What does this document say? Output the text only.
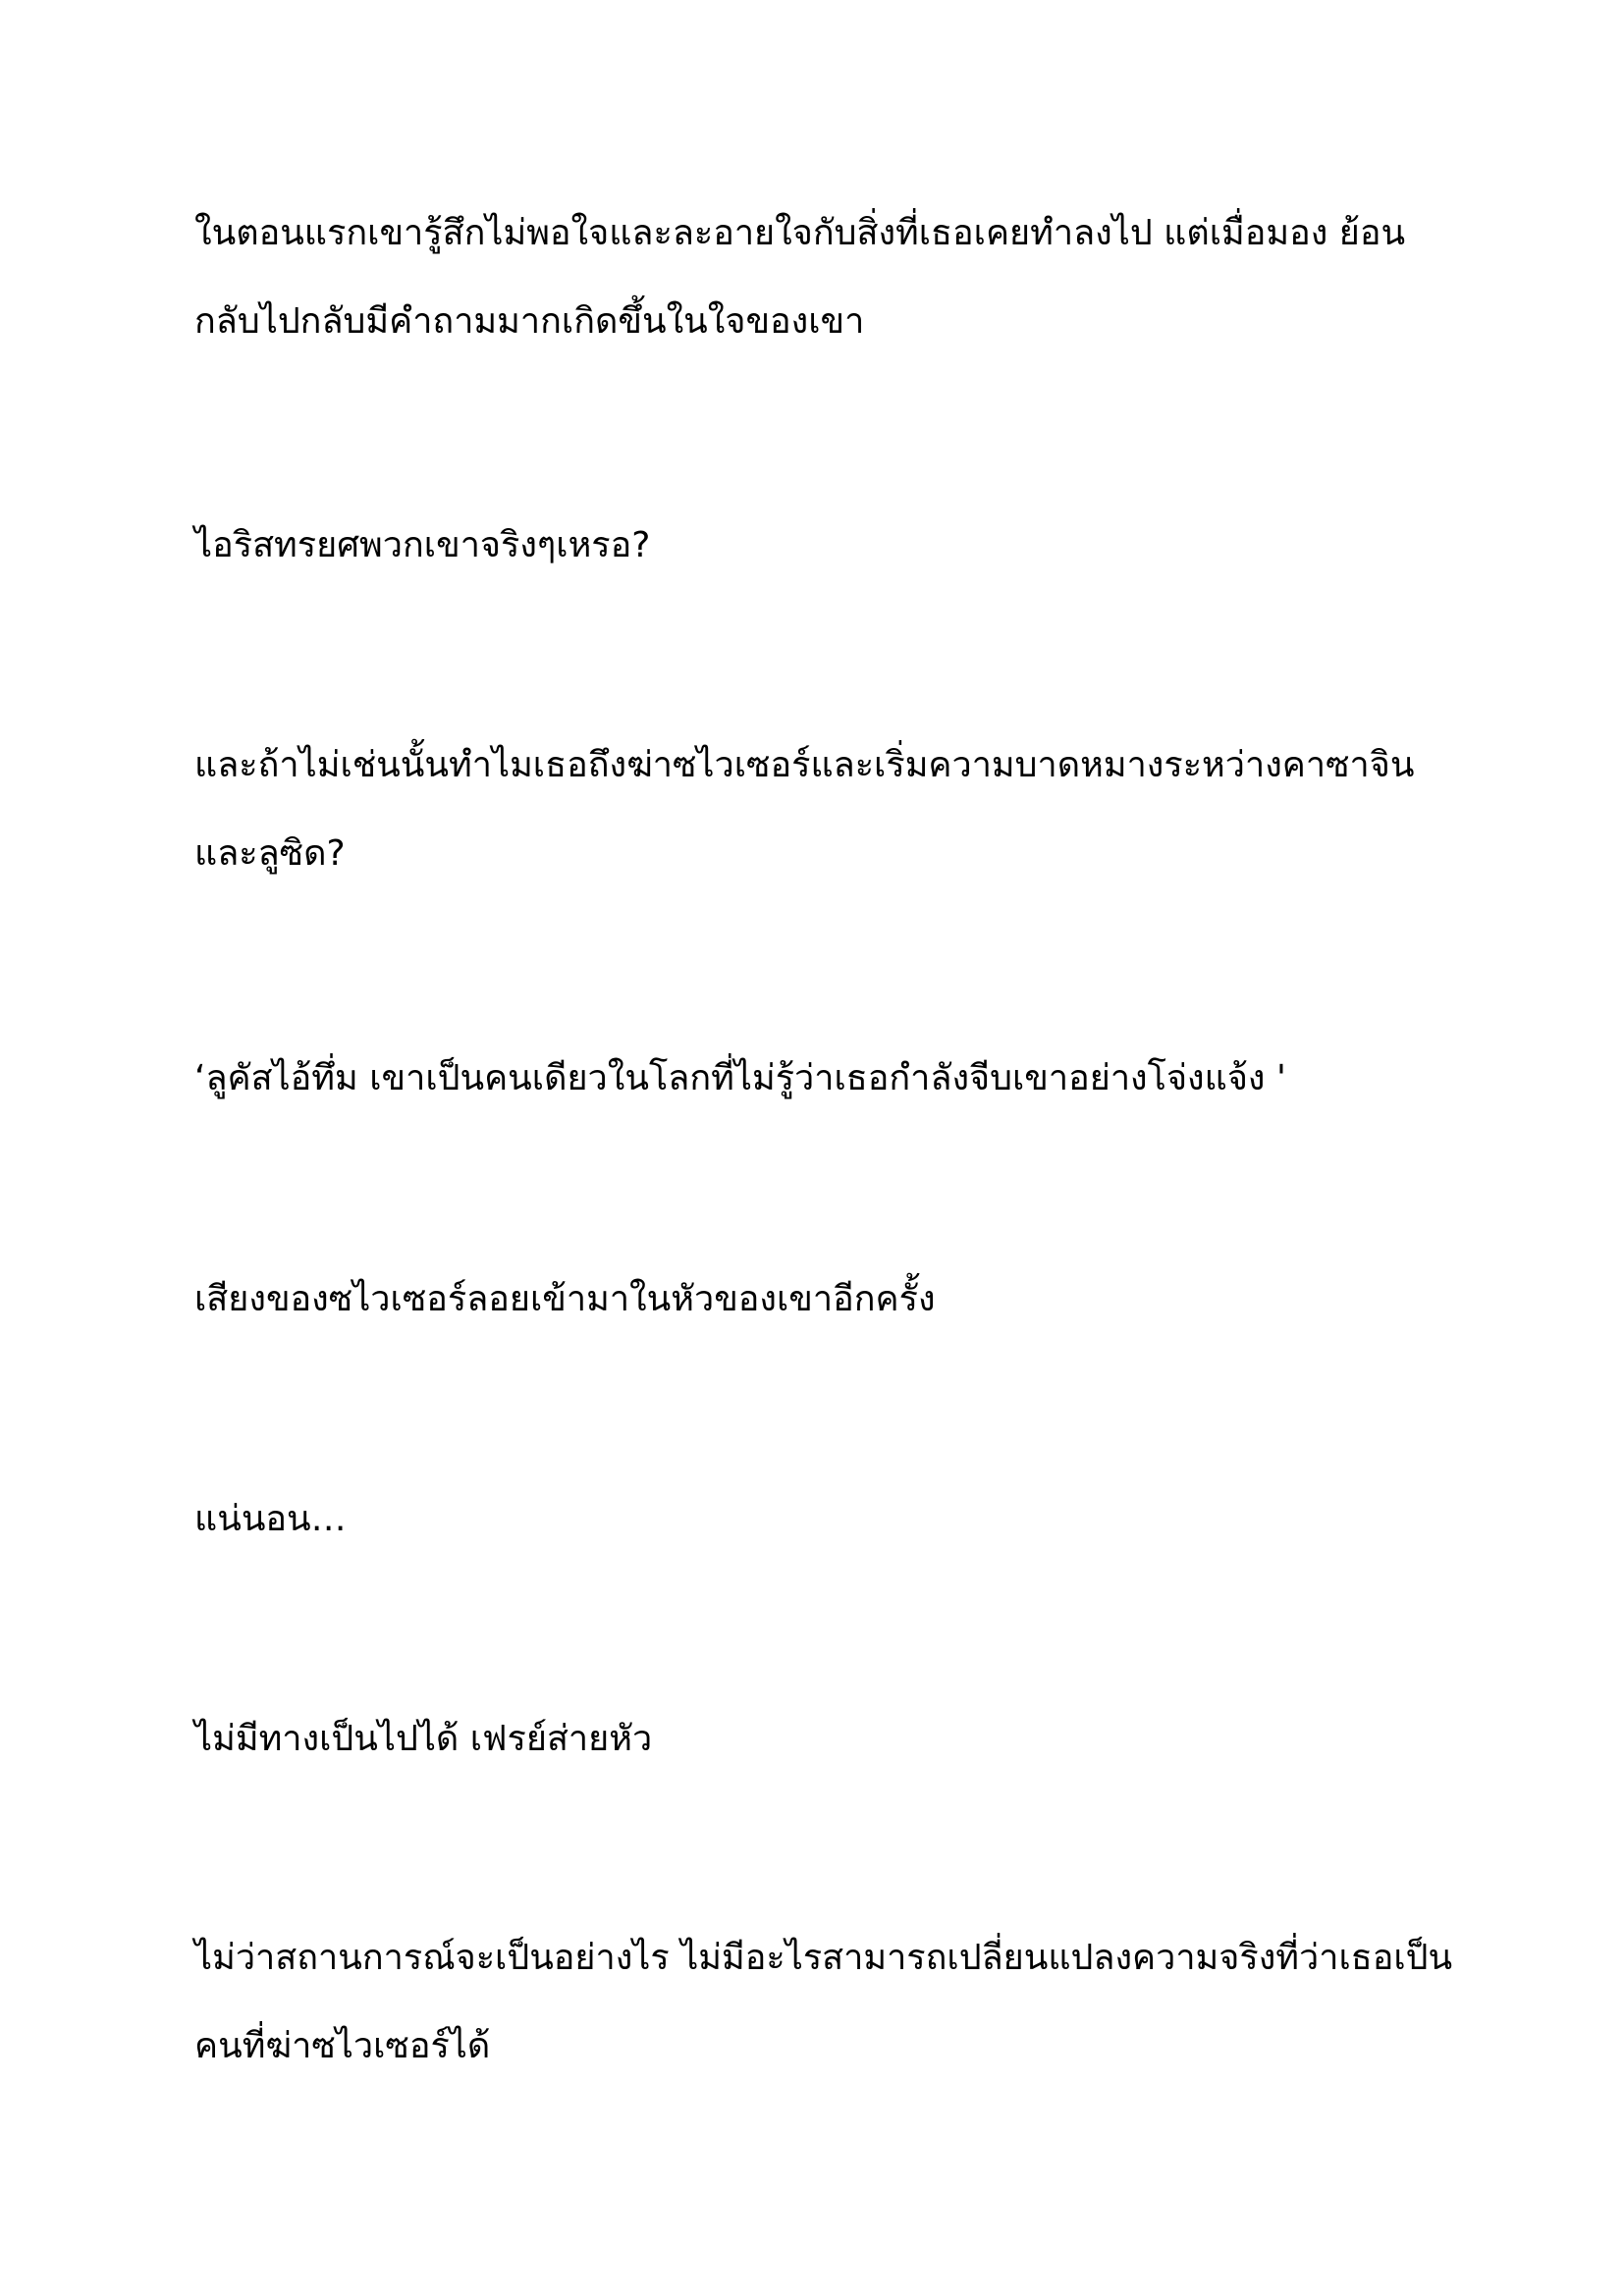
ในตอนแรกเขารู้สึกไม่พอใจและละอายใจกับสิ่งที่เธอเคยทำลงไป แต่เมื่อมอง ย้อนกลับไปกลับมีคำถามมากเกิดขึ้นในใจของเขา

ไอริสทรยศพวกเขาจริงๆเหรอ?

และถ้าไม่เช่นนั้นทำไมเธอถึงฆ่าซไวเซอร์และเริ่มความบาดหมางระหว่างคาซาจิน และลูซิด?

‘ลูคัสไอ้ทึ่ม เขาเป็นคนเดียวในโลกที่ไม่รู้ว่าเธอกำลังจีบเขาอย่างโจ่งแจ้ง '

เสียงของซไวเซอร์ลอยเข้ามาในหัวของเขาอีกครั้ง

แน่นอน…

ไม่มีทางเป็นไปได้ เฟรย์ส่ายหัว

ไม่ว่าสถานการณ์จะเป็นอย่างไร ไม่มีอะไรสามารถเปลี่ยนแปลงความจริงที่ว่าเธอเป็น คนที่ฆ่าซไวเซอร์ได้
